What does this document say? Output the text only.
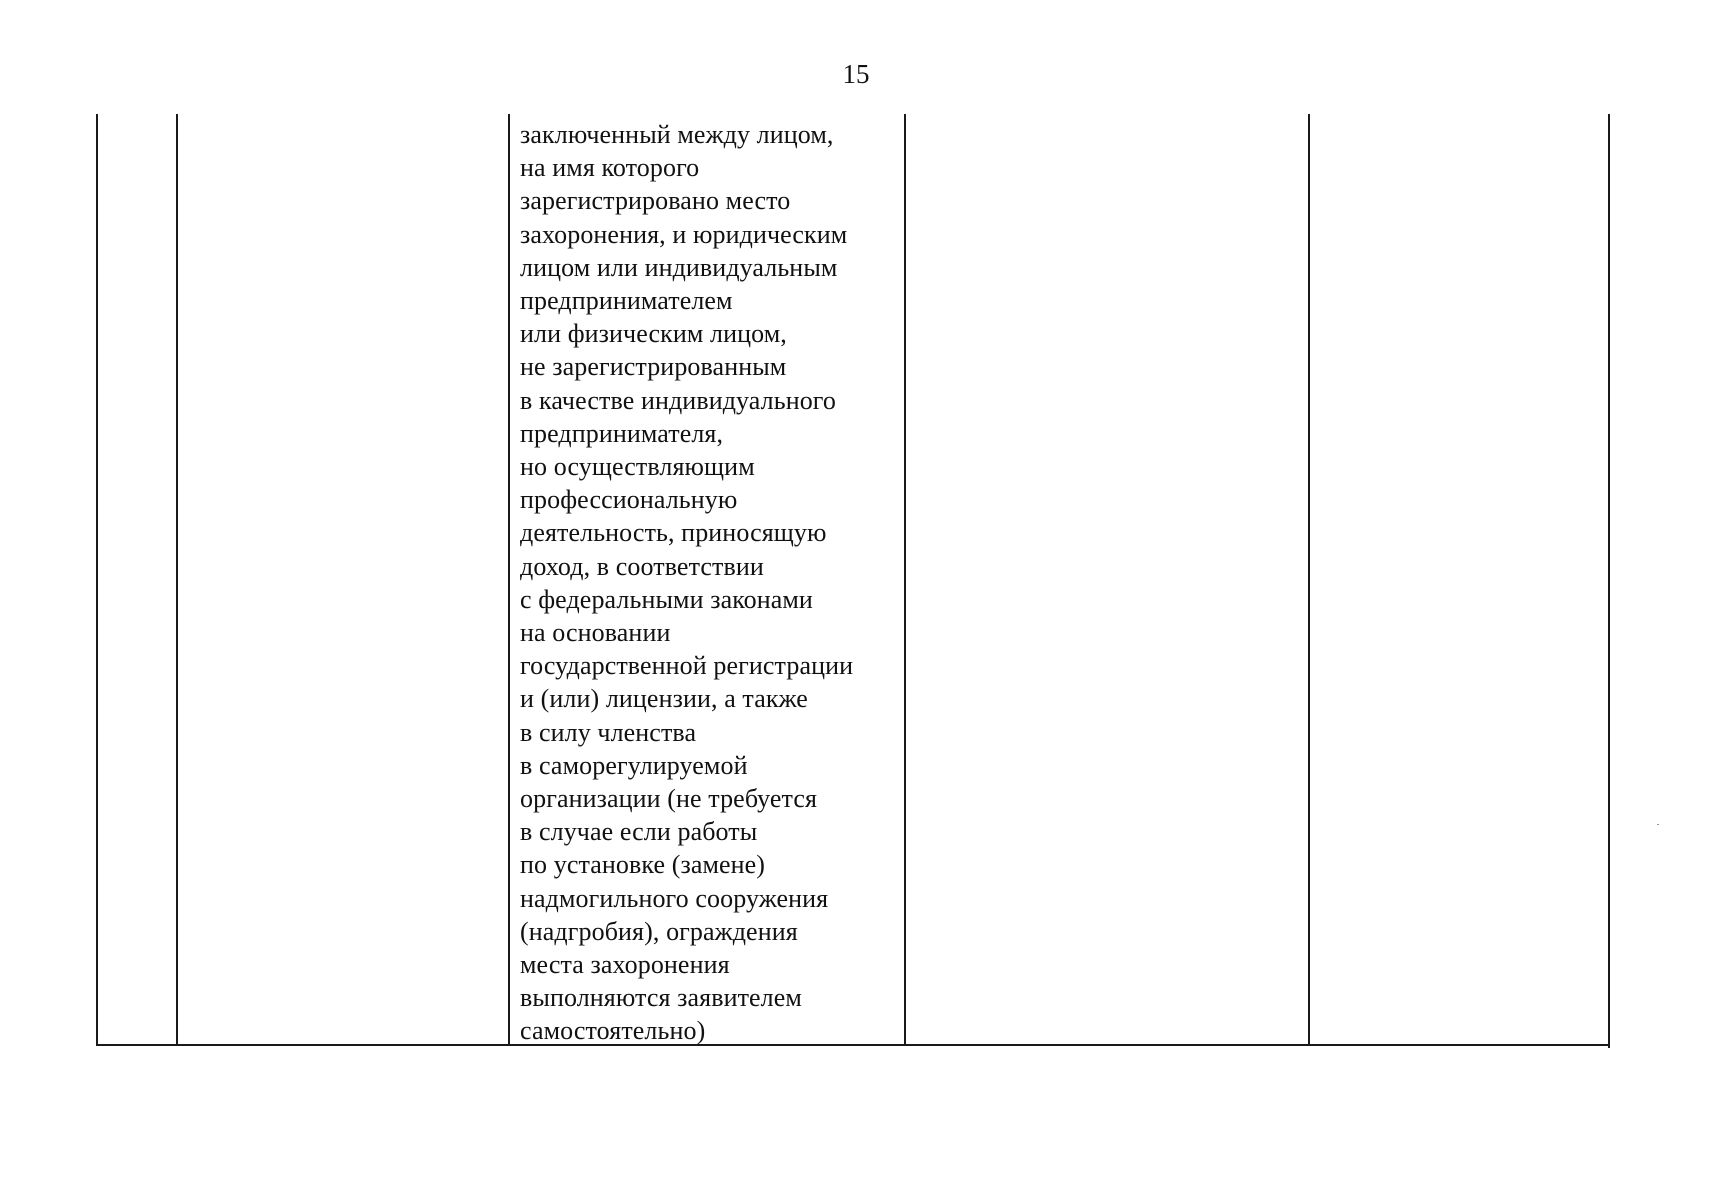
15
заключенный между лицом,
на имя которого
зарегистрировано место
захоронения, и юридическим
лицом или индивидуальным
предпринимателем
или физическим лицом,
не зарегистрированным
в качестве индивидуального
предпринимателя,
но осуществляющим
профессиональную
деятельность, приносящую
доход, в соответствии
с федеральными законами
на основании
государственной регистрации
и (или) лицензии, а также
в силу членства
в саморегулируемой
организации (не требуется
в случае если работы
по установке (замене)
надмогильного сооружения
(надгробия), ограждения
места захоронения
выполняются заявителем
самостоятельно)
